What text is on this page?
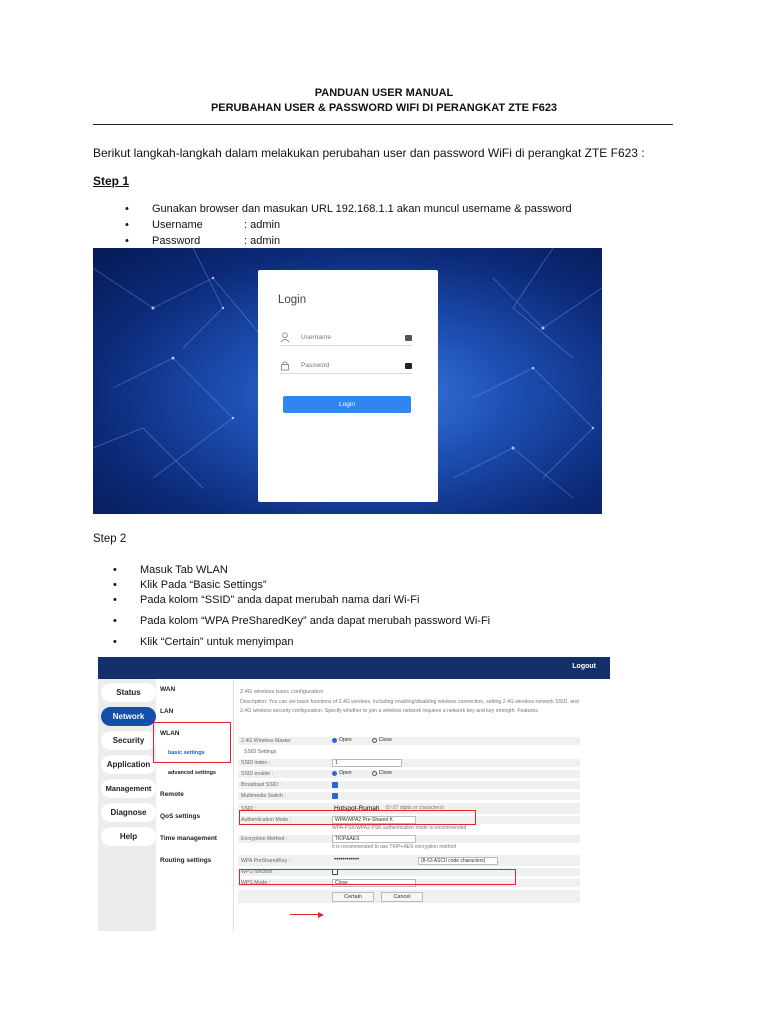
PANDUAN USER MANUAL
PERUBAHAN USER & PASSWORD WIFI DI PERANGKAT ZTE F623
Berikut langkah-langkah dalam melakukan perubahan user dan password WiFi di perangkat ZTE F623 :
Step 1
• Gunakan browser dan masukan URL 192.168.1.1 akan muncul username & password
• Username	: admin
• Password	: admin
Login
Username
Password
Login
Step 2
• Masuk Tab WLAN
• Klik Pada “Basic Settings”
• Pada kolom “SSID” anda dapat merubah nama dari Wi-Fi
• Pada kolom “WPA PreSharedKey” anda dapat merubah password Wi-Fi
• Klik “Certain” untuk menyimpan
Logout
Status
Network
Security
Application
Management
Diagnose
Help
WAN
LAN
WLAN
basic settings
advanced settings
Remote
QoS settings
Time management
Routing settings
2.4G wireless basic configuration
Description: You can set basic functions of 2.4G wireless, including enabling/disabling wireless connection, setting 2.4G wireless network SSID, and 2.4G wireless security configuration. Specify whether to join a wireless network requires a network key and key strength. Features.
2.4G Wireless Master	Open	Close
SSID Settings
SSID index :	1
SSID enable :	Open	Close
Broadcast SSID :
Multimedia Switch :
SSID :	Hotspot-Rumah (0~27 digits or characters)
Authentication Mode :	WPA/WPA2 Pre-Shared K
WPA-PSK/WPA2-PSK authentication mode is recommended
Encryption Method :	TKIP&AES
It is recommended to use TKIP+AES encryption method
WPA PreSharedKey :	••••••••••••	(8-63 ASCII code characters)
WPS function :
WPS Mode :	Close
Certain	Cancel
